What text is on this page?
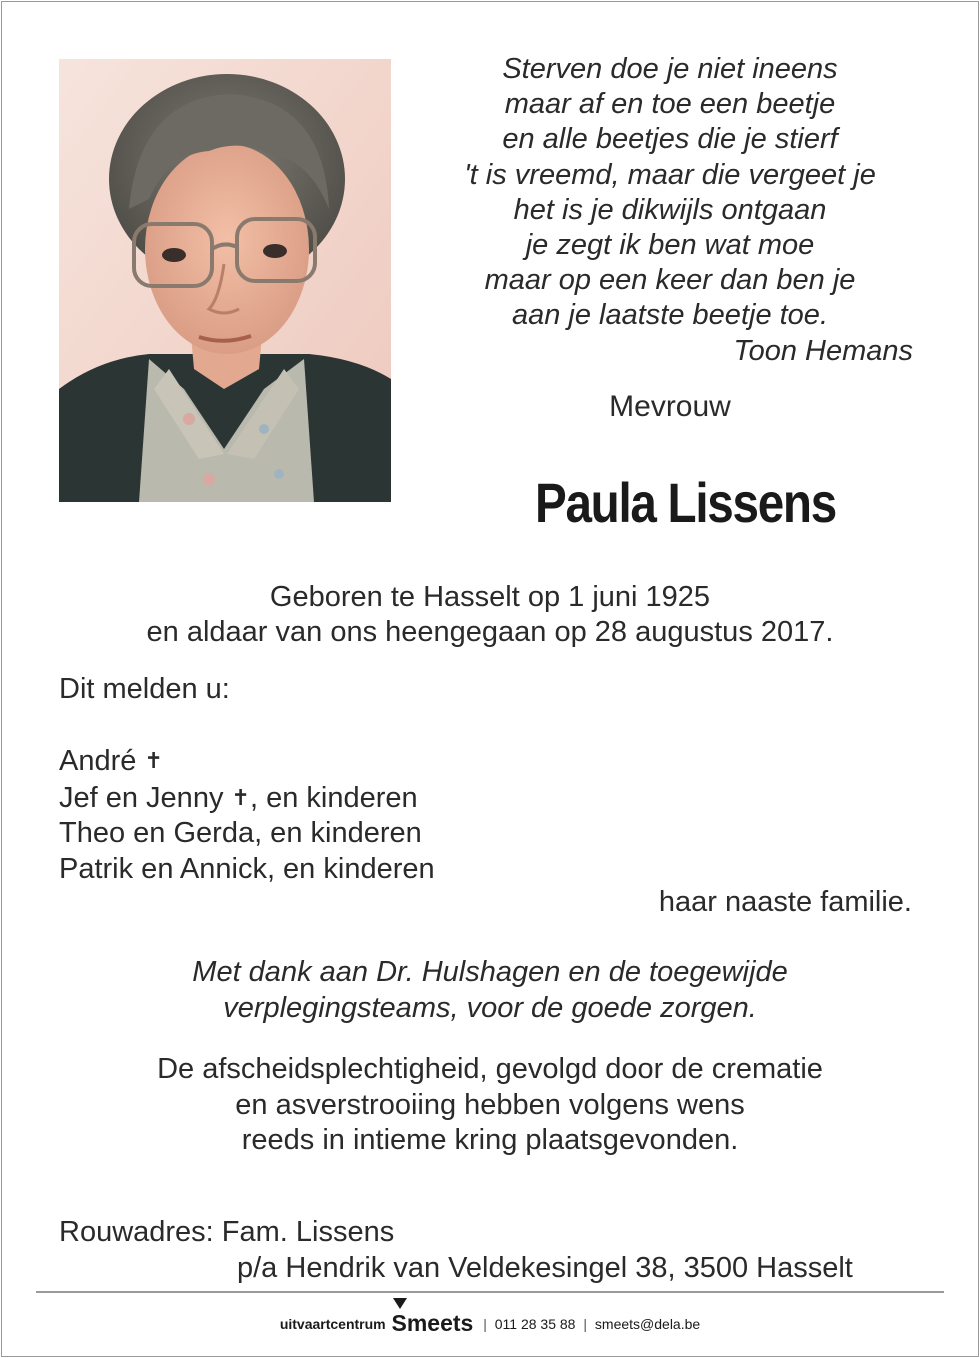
Sterven doe je niet ineens
maar af en toe een beetje
en alle beetjes die je stierf
't is vreemd, maar die vergeet je
het is je dikwijls ontgaan
je zegt ik ben wat moe
maar op een keer dan ben je
aan je laatste beetje toe.
Toon Hemans
Mevrouw
Paula Lissens
Geboren te Hasselt op 1 juni 1925
en aldaar van ons heengegaan op 28 augustus 2017.
Dit melden u:
André ✝
Jef en Jenny ✝, en kinderen
Theo en Gerda, en kinderen
Patrik en Annick, en kinderen
haar naaste familie.
Met dank aan Dr. Hulshagen en de toegewijde
verplegingsteams, voor de goede zorgen.
De afscheidsplechtigheid, gevolgd door de crematie
en asverstrooiing hebben volgens wens
reeds in intieme kring plaatsgevonden.
Rouwadres: Fam. Lissens
p/a Hendrik van Veldekesingel 38, 3500 Hasselt
uitvaartcentrum Smeets | 011 28 35 88 | smeets@dela.be
